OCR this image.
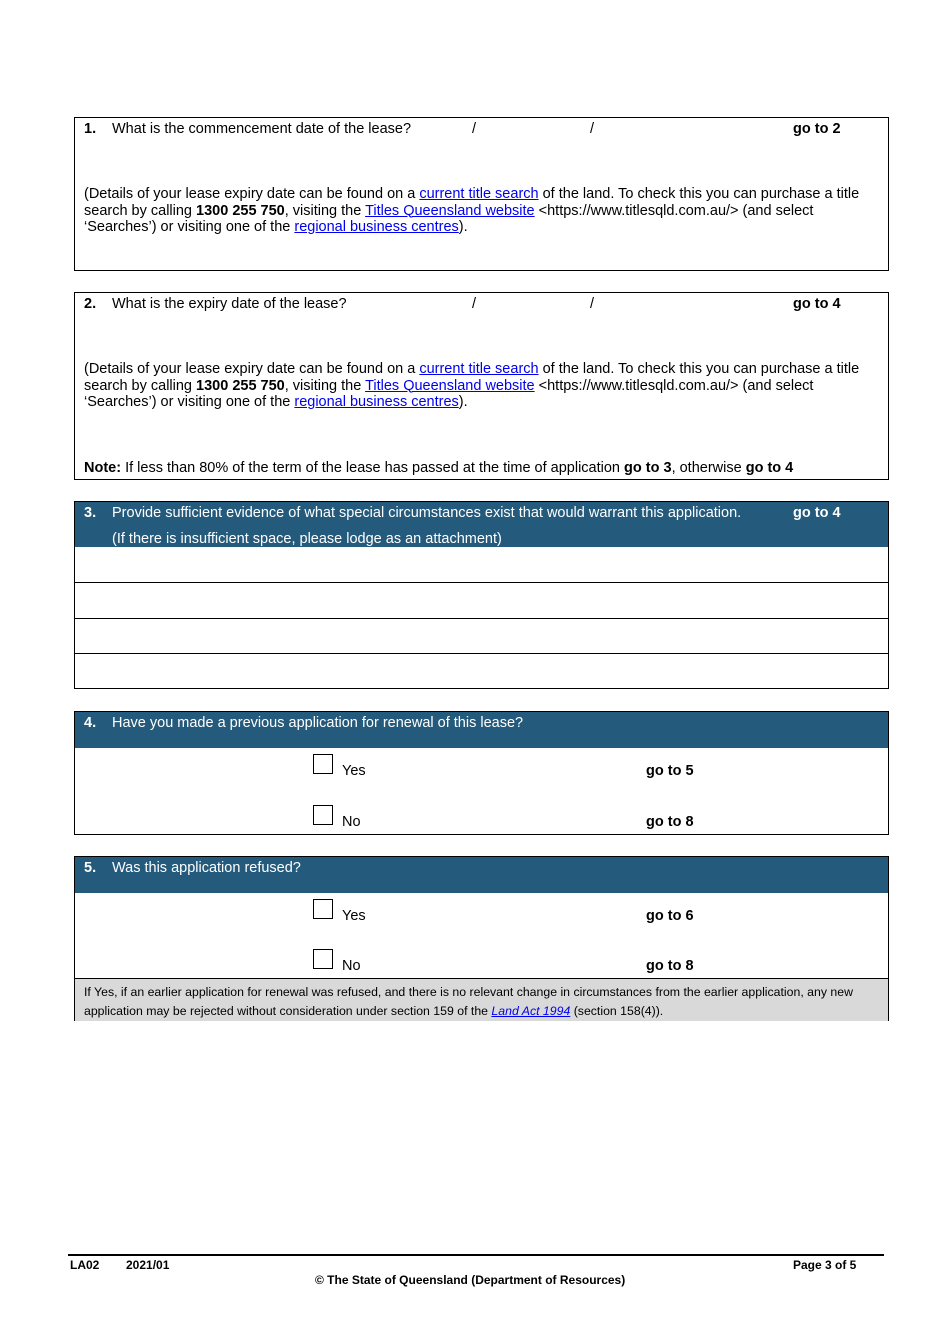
1. What is the commencement date of the lease?	/	/	go to 2
(Details of your lease expiry date can be found on a current title search of the land. To check this you can purchase a title search by calling 1300 255 750, visiting the Titles Queensland website <https://www.titlesqld.com.au/> (and select ‘Searches’) or visiting one of the regional business centres).
2. What is the expiry date of the lease?	/	/	go to 4
(Details of your lease expiry date can be found on a current title search of the land. To check this you can purchase a title search by calling 1300 255 750, visiting the Titles Queensland website <https://www.titlesqld.com.au/> (and select ‘Searches’) or visiting one of the regional business centres).
Note: If less than 80% of the term of the lease has passed at the time of application go to 3, otherwise go to 4
3. Provide sufficient evidence of what special circumstances exist that would warrant this application.	go to 4
(If there is insufficient space, please lodge as an attachment)
4. Have you made a previous application for renewal of this lease?
Yes	go to 5
No	go to 8
5. Was this application refused?
Yes	go to 6
No	go to 8
If Yes, if an earlier application for renewal was refused, and there is no relevant change in circumstances from the earlier application, any new application may be rejected without consideration under section 159 of the Land Act 1994 (section 158(4)).
LA02 2021/01	Page 3 of 5
© The State of Queensland (Department of Resources)
